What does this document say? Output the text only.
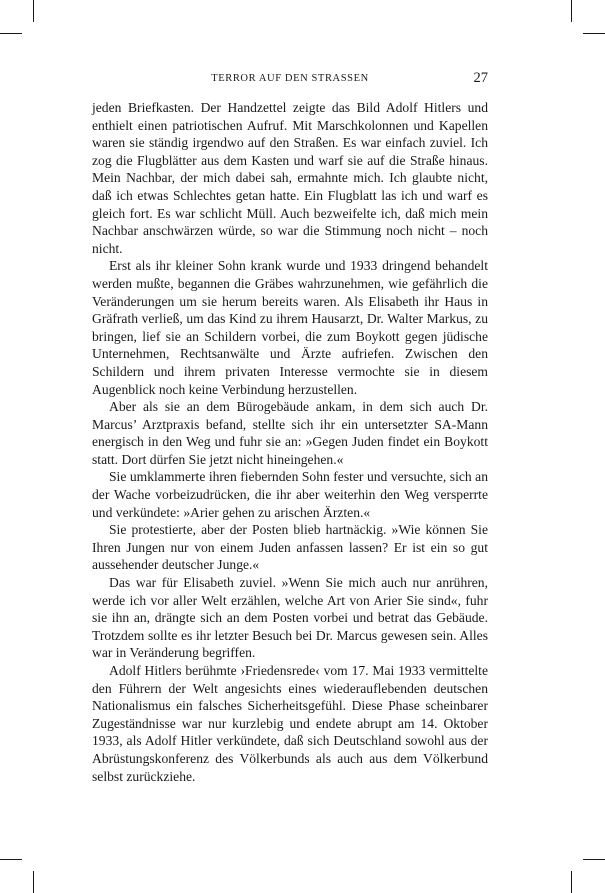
TERROR AUF DEN STRASSEN	27

jeden Briefkasten. Der Handzettel zeigte das Bild Adolf Hitlers und enthielt einen patriotischen Aufruf. Mit Marschkolonnen und Kapellen waren sie ständig irgendwo auf den Straßen. Es war einfach zuviel. Ich zog die Flugblätter aus dem Kasten und warf sie auf die Straße hinaus. Mein Nachbar, der mich dabei sah, ermahnte mich. Ich glaubte nicht, daß ich etwas Schlechtes getan hatte. Ein Flugblatt las ich und warf es gleich fort. Es war schlicht Müll. Auch bezweifelte ich, daß mich mein Nachbar anschwärzen würde, so war die Stimmung noch nicht – noch nicht.

Erst als ihr kleiner Sohn krank wurde und 1933 dringend behandelt werden mußte, begannen die Gräbes wahrzunehmen, wie gefährlich die Veränderungen um sie herum bereits waren. Als Elisabeth ihr Haus in Gräfrath verließ, um das Kind zu ihrem Hausarzt, Dr. Walter Markus, zu bringen, lief sie an Schildern vorbei, die zum Boykott gegen jüdische Unternehmen, Rechtsanwälte und Ärzte aufriefen. Zwischen den Schildern und ihrem privaten Interesse vermochte sie in diesem Augenblick noch keine Verbindung herzustellen.

Aber als sie an dem Bürogebäude ankam, in dem sich auch Dr. Marcus’ Arztpraxis befand, stellte sich ihr ein untersetzter SA-Mann energisch in den Weg und fuhr sie an: »Gegen Juden findet ein Boykott statt. Dort dürfen Sie jetzt nicht hineingehen.«

Sie umklammerte ihren fiebernden Sohn fester und versuchte, sich an der Wache vorbeizudrücken, die ihr aber weiterhin den Weg versperrte und verkündete: »Arier gehen zu arischen Ärzten.«

Sie protestierte, aber der Posten blieb hartnäckig. »Wie können Sie Ihren Jungen nur von einem Juden anfassen lassen? Er ist ein so gut aussehender deutscher Junge.«

Das war für Elisabeth zuviel. »Wenn Sie mich auch nur anrühren, werde ich vor aller Welt erzählen, welche Art von Arier Sie sind«, fuhr sie ihn an, drängte sich an dem Posten vorbei und betrat das Gebäude. Trotzdem sollte es ihr letzter Besuch bei Dr. Marcus gewesen sein. Alles war in Veränderung begriffen.

Adolf Hitlers berühmte ›Friedensrede‹ vom 17. Mai 1933 vermittelte den Führern der Welt angesichts eines wiederauflebenden deutschen Nationalismus ein falsches Sicherheitsgefühl. Diese Phase scheinbarer Zugeständnisse war nur kurzlebig und endete abrupt am 14. Oktober 1933, als Adolf Hitler verkündete, daß sich Deutschland sowohl aus der Abrüstungskonferenz des Völkerbunds als auch aus dem Völkerbund selbst zurückziehe.
